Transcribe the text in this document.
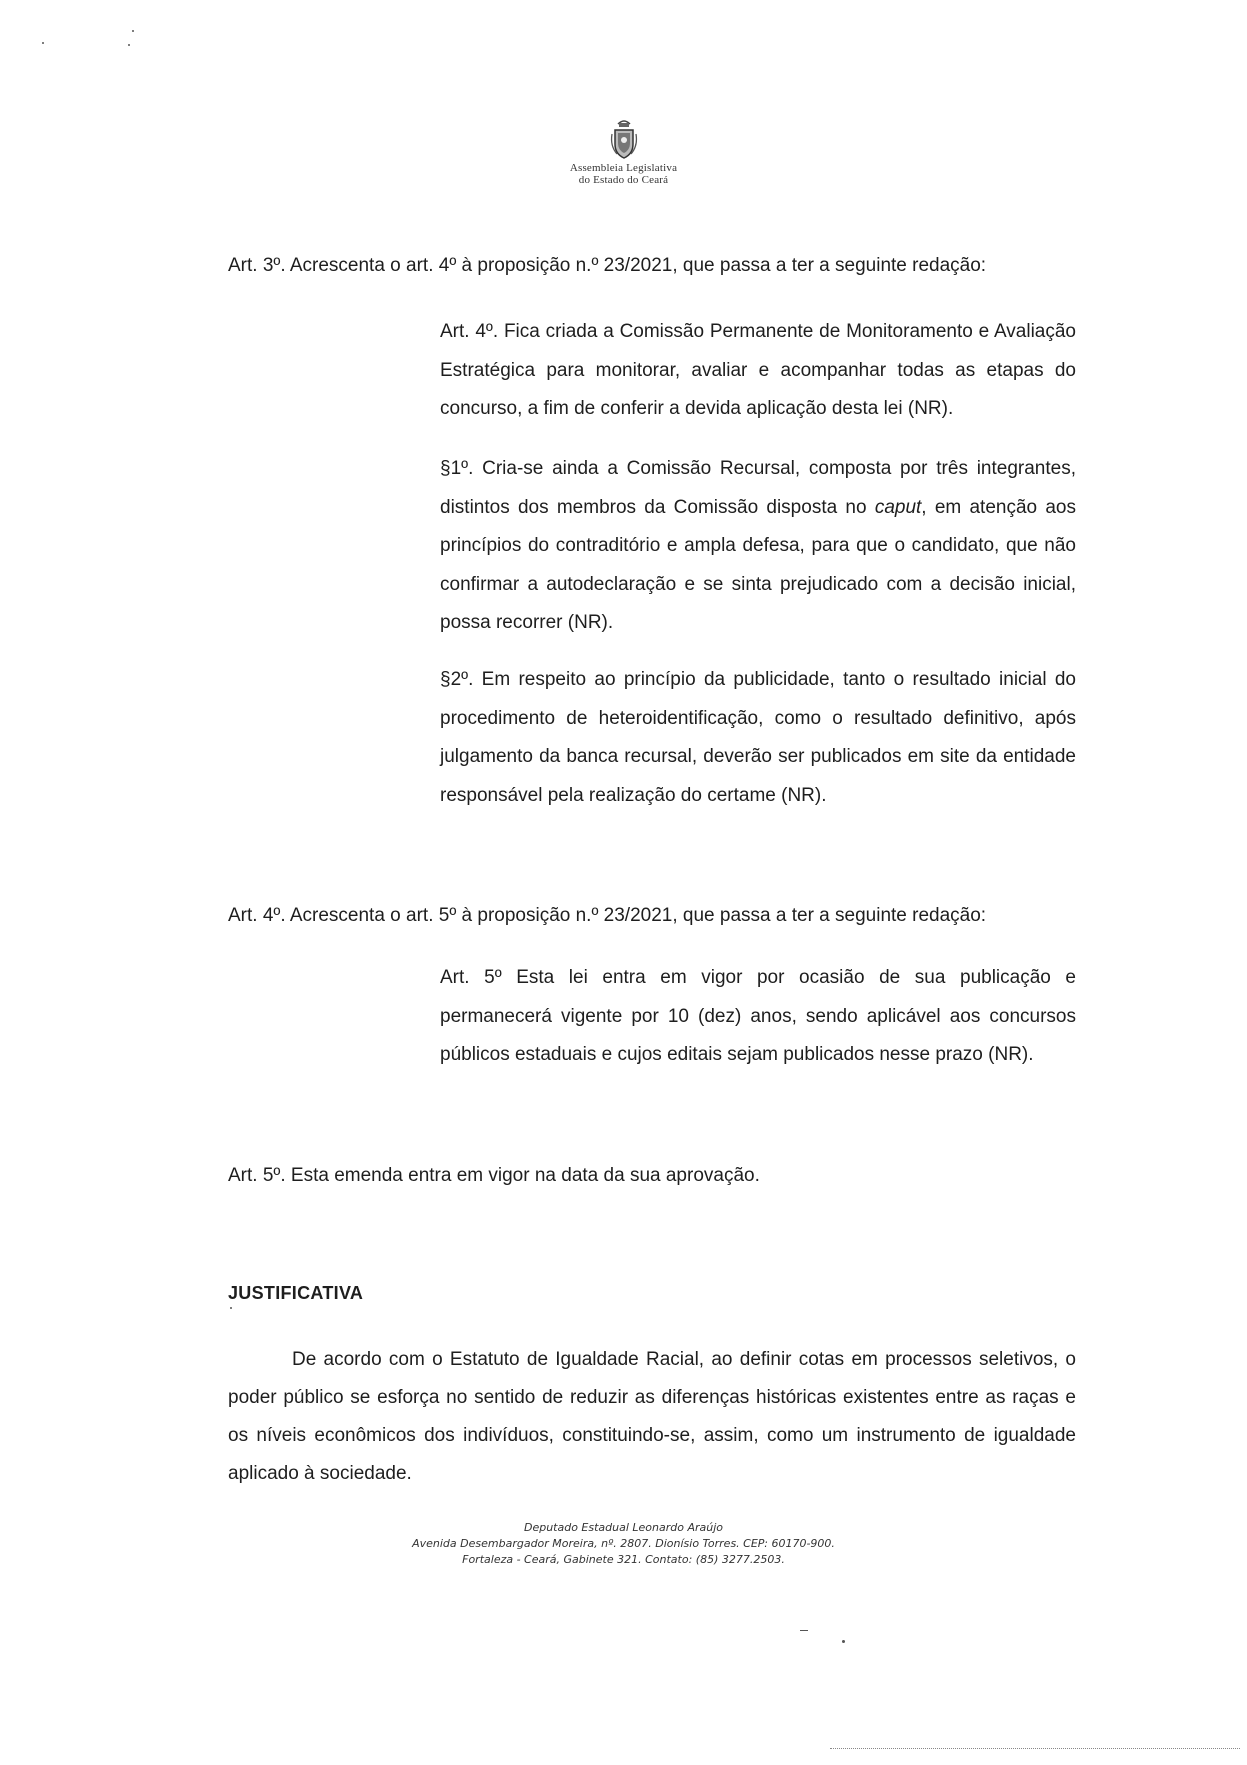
Assembleia Legislativa
do Estado do Ceará
Art. 3º. Acrescenta o art. 4º à proposição n.º 23/2021, que passa a ter a seguinte redação:

Art. 4º. Fica criada a Comissão Permanente de Monitoramento e Avaliação Estratégica para monitorar, avaliar e acompanhar todas as etapas do concurso, a fim de conferir a devida aplicação desta lei (NR).

§1º. Cria-se ainda a Comissão Recursal, composta por três integrantes, distintos dos membros da Comissão disposta no caput, em atenção aos princípios do contraditório e ampla defesa, para que o candidato, que não confirmar a autodeclaração e se sinta prejudicado com a decisão inicial, possa recorrer (NR).

§2º. Em respeito ao princípio da publicidade, tanto o resultado inicial do procedimento de heteroidentificação, como o resultado definitivo, após julgamento da banca recursal, deverão ser publicados em site da entidade responsável pela realização do certame (NR).

Art. 4º. Acrescenta o art. 5º à proposição n.º 23/2021, que passa a ter a seguinte redação:

Art. 5º Esta lei entra em vigor por ocasião de sua publicação e permanecerá vigente por 10 (dez) anos, sendo aplicável aos concursos públicos estaduais e cujos editais sejam publicados nesse prazo (NR).

Art. 5º. Esta emenda entra em vigor na data da sua aprovação.
JUSTIFICATIVA

De acordo com o Estatuto de Igualdade Racial, ao definir cotas em processos seletivos, o poder público se esforça no sentido de reduzir as diferenças históricas existentes entre as raças e os níveis econômicos dos indivíduos, constituindo-se, assim, como um instrumento de igualdade aplicado à sociedade.

Deputado Estadual Leonardo Araújo
Avenida Desembargador Moreira, nº. 2807. Dionísio Torres. CEP: 60170-900.
Fortaleza - Ceará, Gabinete 321. Contato: (85) 3277.2503.
